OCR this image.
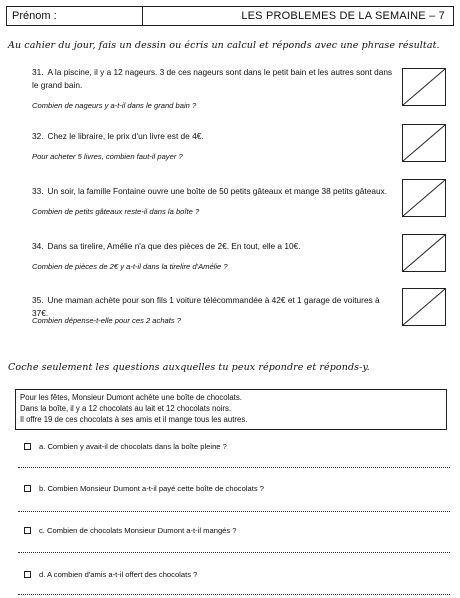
Prénom :	LES PROBLEMES DE LA SEMAINE – 7
Au cahier du jour, fais un dessin ou écris un calcul et réponds avec une phrase résultat.
31. A la piscine, il y a 12 nageurs. 3 de ces nageurs sont dans le petit bain et les autres sont dans le grand bain.
Combien de nageurs y a-t-il dans le grand bain ?
32. Chez le libraire, le prix d'un livre est de 4€.
Pour acheter 5 livres, combien faut-il payer ?
33. Un soir, la famille Fontaine ouvre une boîte de 50 petits gâteaux et mange 38 petits gâteaux.
Combien de petits gâteaux reste-il dans la boîte ?
34. Dans sa tirelire, Amélie n'a que des pièces de 2€. En tout, elle a 10€.
Combien de pièces de 2€ y a-t-il dans la tirelire d'Amélie ?
35. Une maman achète pour son fils 1 voiture télécommandée à 42€ et 1 garage de voitures à 37€.
Combien dépense-t-elle pour ces 2 achats ?
Coche seulement les questions auxquelles tu peux répondre et réponds-y.
Pour les fêtes, Monsieur Dumont achète une boîte de chocolats.
Dans la boîte, il y a 12 chocolats au lait et 12 chocolats noirs.
Il offre 19 de ces chocolats à ses amis et il mange tous les autres.
a. Combien y avait-il de chocolats dans la boîte pleine ?
b. Combien Monsieur Dumont a-t-il payé cette boîte de chocolats ?
c. Combien de chocolats Monsieur Dumont a-t-il mangés ?
d. A combien d'amis a-t-il offert des chocolats ?
